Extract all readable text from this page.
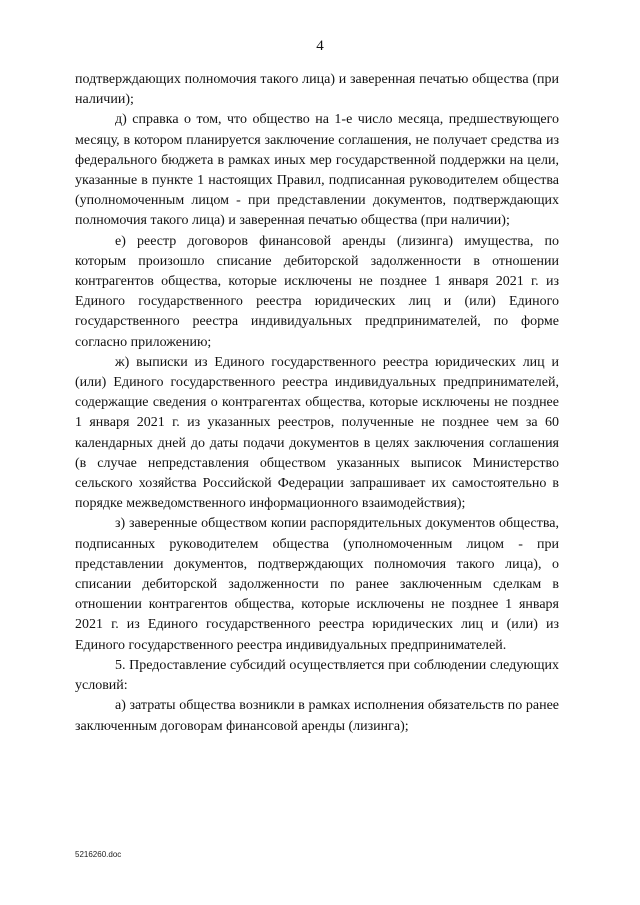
4

подтверждающих полномочия такого лица) и заверенная печатью общества (при наличии);

д) справка о том, что общество на 1-е число месяца, предшествующего месяцу, в котором планируется заключение соглашения, не получает средства из федерального бюджета в рамках иных мер государственной поддержки на цели, указанные в пункте 1 настоящих Правил, подписанная руководителем общества (уполномоченным лицом - при представлении документов, подтверждающих полномочия такого лица) и заверенная печатью общества (при наличии);

е) реестр договоров финансовой аренды (лизинга) имущества, по которым произошло списание дебиторской задолженности в отношении контрагентов общества, которые исключены не позднее 1 января 2021 г. из Единого государственного реестра юридических лиц и (или) Единого государственного реестра индивидуальных предпринимателей, по форме согласно приложению;

ж) выписки из Единого государственного реестра юридических лиц и (или) Единого государственного реестра индивидуальных предпринимателей, содержащие сведения о контрагентах общества, которые исключены не позднее 1 января 2021 г. из указанных реестров, полученные не позднее чем за 60 календарных дней до даты подачи документов в целях заключения соглашения (в случае непредставления обществом указанных выписок Министерство сельского хозяйства Российской Федерации запрашивает их самостоятельно в порядке межведомственного информационного взаимодействия);

з) заверенные обществом копии распорядительных документов общества, подписанных руководителем общества (уполномоченным лицом - при представлении документов, подтверждающих полномочия такого лица), о списании дебиторской задолженности по ранее заключенным сделкам в отношении контрагентов общества, которые исключены не позднее 1 января 2021 г. из Единого государственного реестра юридических лиц и (или) из Единого государственного реестра индивидуальных предпринимателей.

5. Предоставление субсидий осуществляется при соблюдении следующих условий:

а) затраты общества возникли в рамках исполнения обязательств по ранее заключенным договорам финансовой аренды (лизинга);

5216260.doc
